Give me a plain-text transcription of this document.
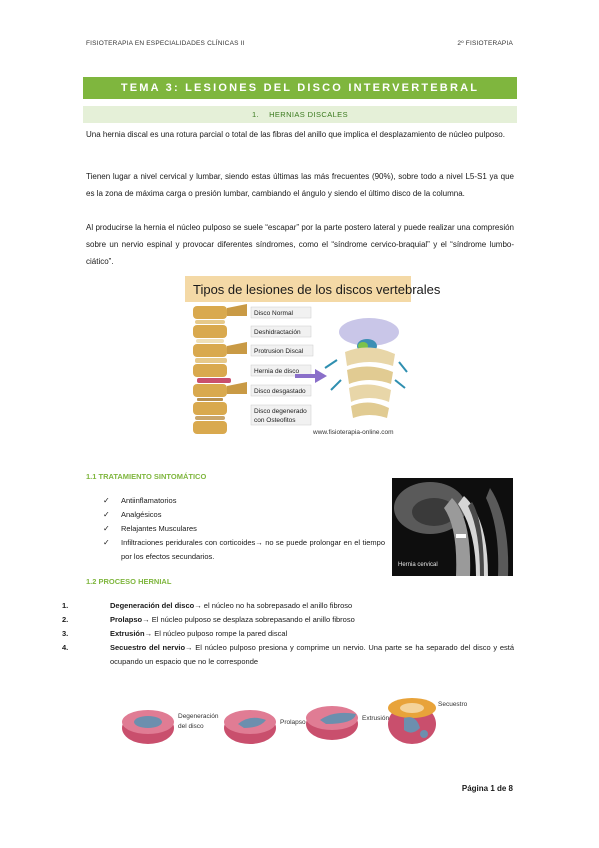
FISIOTERAPIA EN ESPECIALIDADES CLÍNICAS II	2º FISIOTERAPIA
TEMA 3: LESIONES DEL DISCO INTERVERTEBRAL
1. HERNIAS DISCALES

Una hernia discal es una rotura parcial o total de las fibras del anillo que implica el desplazamiento de núcleo pulposo.

Tienen lugar a nivel cervical y lumbar, siendo estas últimas las más frecuentes (90%), sobre todo a nivel L5-S1 ya que es la zona de máxima carga o presión lumbar, cambiando el ángulo y siendo el último disco de la columna.

Al producirse la hernia el núcleo pulposo se suele “escapar” por la parte postero lateral y puede realizar una compresión sobre un nervio espinal y provocar diferentes síndromes, como el “síndrome cervico-braquial” y el “síndrome lumbo-ciático”.

Tipos de lesiones de los discos vertebrales
Disco Normal
Deshidractación
Protrusion Discal
Hernia de disco
Disco desgastado
Disco degenerado
con Osteofitos
www.fisioterapia-online.com
1.1 TRATAMIENTO SINTOMÁTICO
✓	Antiinflamatorios
✓	Analgésicos
✓	Relajantes Musculares
✓	Infiltraciones peridurales con corticoides→ no se puede prolongar en el tiempo por los efectos secundarios.
Hernia cervical
1.2 PROCESO HERNIAL
1.	Degeneración del disco→ el núcleo no ha sobrepasado el anillo fibroso
2.	Prolapso→ El núcleo pulposo se desplaza sobrepasando el anillo fibroso
3.	Extrusión→ El núcleo pulposo rompe la pared discal
4.	Secuestro del nervio→ El núcleo pulposo presiona y comprime un nervio. Una parte se ha separado del disco y está ocupando un espacio que no le corresponde
Degeneración
del disco
Prolapso
Extrusión
Secuestro
Página 1 de 8
